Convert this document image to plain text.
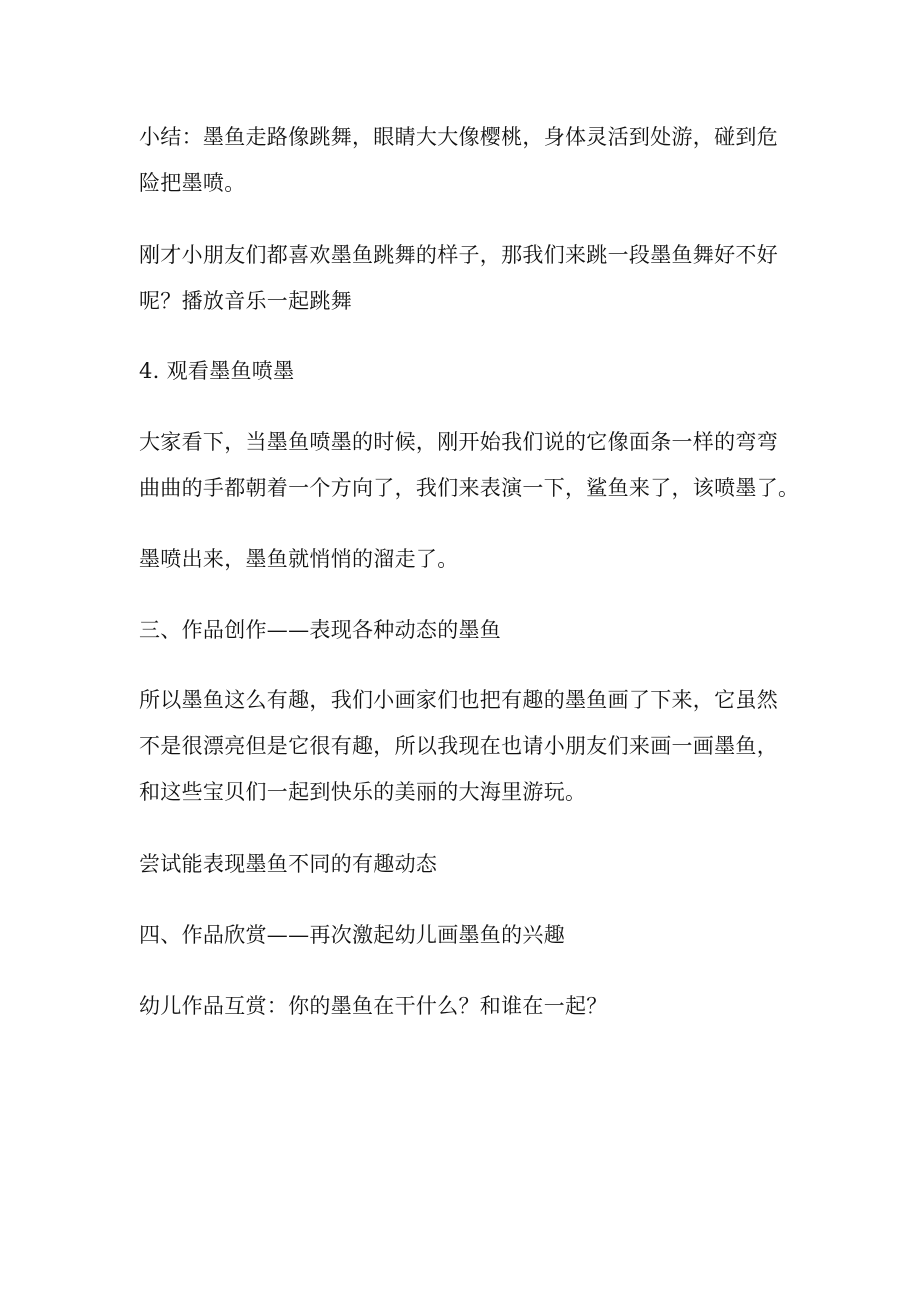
小结：墨鱼走路像跳舞，眼睛大大像樱桃，身体灵活到处游，碰到危
险把墨喷。

刚才小朋友们都喜欢墨鱼跳舞的样子，那我们来跳一段墨鱼舞好不好
呢？播放音乐一起跳舞

4. 观看墨鱼喷墨

大家看下，当墨鱼喷墨的时候，刚开始我们说的它像面条一样的弯弯
曲曲的手都朝着一个方向了，我们来表演一下，鲨鱼来了，该喷墨了。

墨喷出来，墨鱼就悄悄的溜走了。

三、作品创作——表现各种动态的墨鱼

所以墨鱼这么有趣，我们小画家们也把有趣的墨鱼画了下来，它虽然
不是很漂亮但是它很有趣，所以我现在也请小朋友们来画一画墨鱼，
和这些宝贝们一起到快乐的美丽的大海里游玩。

尝试能表现墨鱼不同的有趣动态

四、作品欣赏——再次激起幼儿画墨鱼的兴趣

幼儿作品互赏：你的墨鱼在干什么？和谁在一起？
